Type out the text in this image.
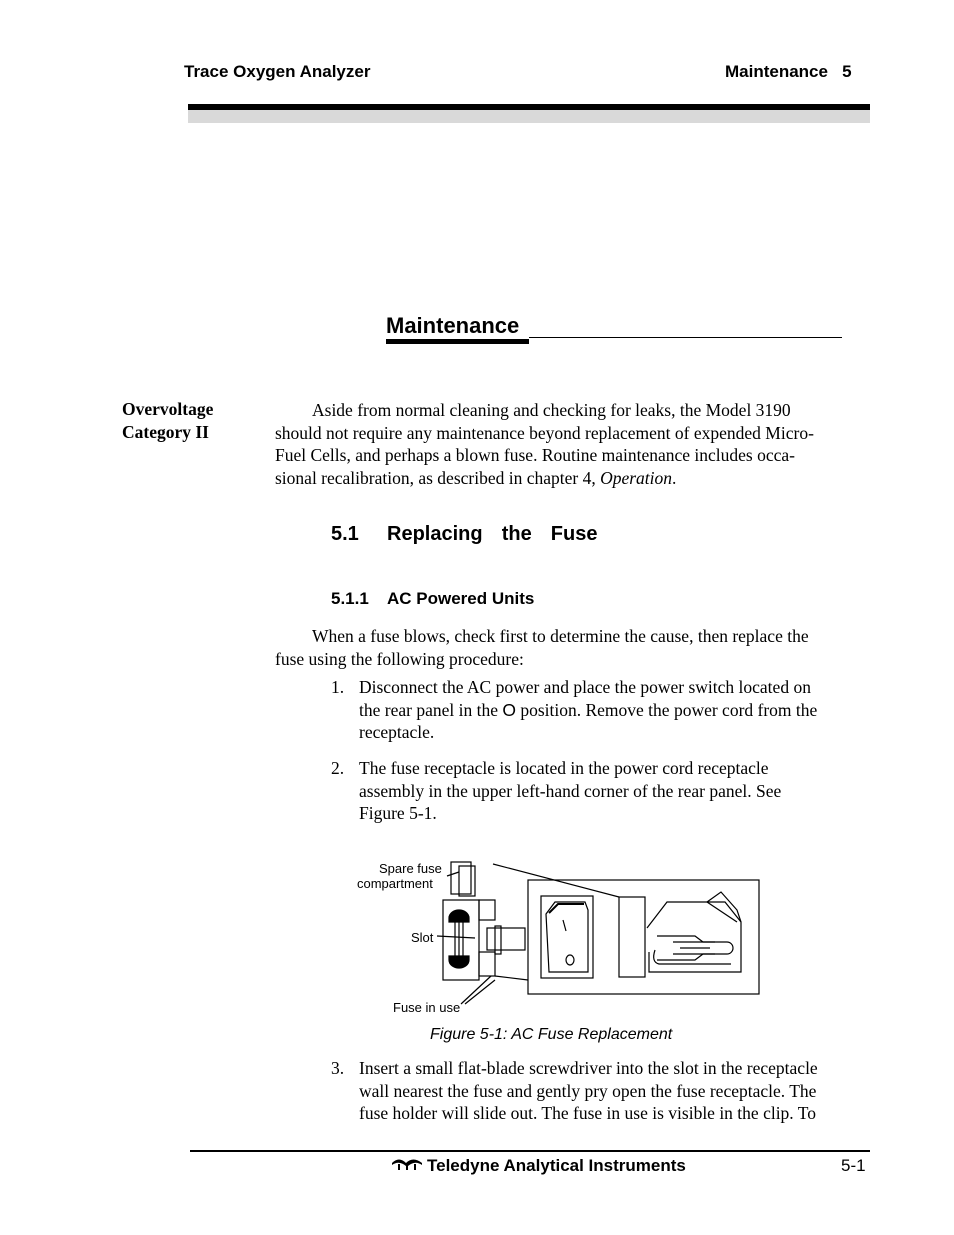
Trace Oxygen Analyzer	Maintenance   5
Maintenance
Overvoltage
Category II
Aside from normal cleaning and checking for leaks, the Model 3190
should not require any maintenance beyond replacement of expended Micro-
Fuel Cells, and perhaps a blown fuse. Routine maintenance includes occa-
sional recalibration, as described in chapter 4, Operation.
5.1 Replacing  the  Fuse
5.1.1 AC Powered Units
When a fuse blows, check first to determine the cause, then replace the
fuse using the following procedure:
1. Disconnect the AC power and place the power switch located on
the rear panel in the O position. Remove the power cord from the
receptacle.
2. The fuse receptacle is located in the power cord receptacle
assembly in the upper left-hand corner of the rear panel. See
Figure 5-1.
Spare fuse
compartment
Slot
Fuse in use
Figure 5-1: AC Fuse Replacement
3. Insert a small flat-blade screwdriver into the slot in the receptacle
wall nearest the fuse and gently pry open the fuse receptacle. The
fuse holder will slide out. The fuse in use is visible in the clip. To
Teledyne Analytical Instruments	5-1
